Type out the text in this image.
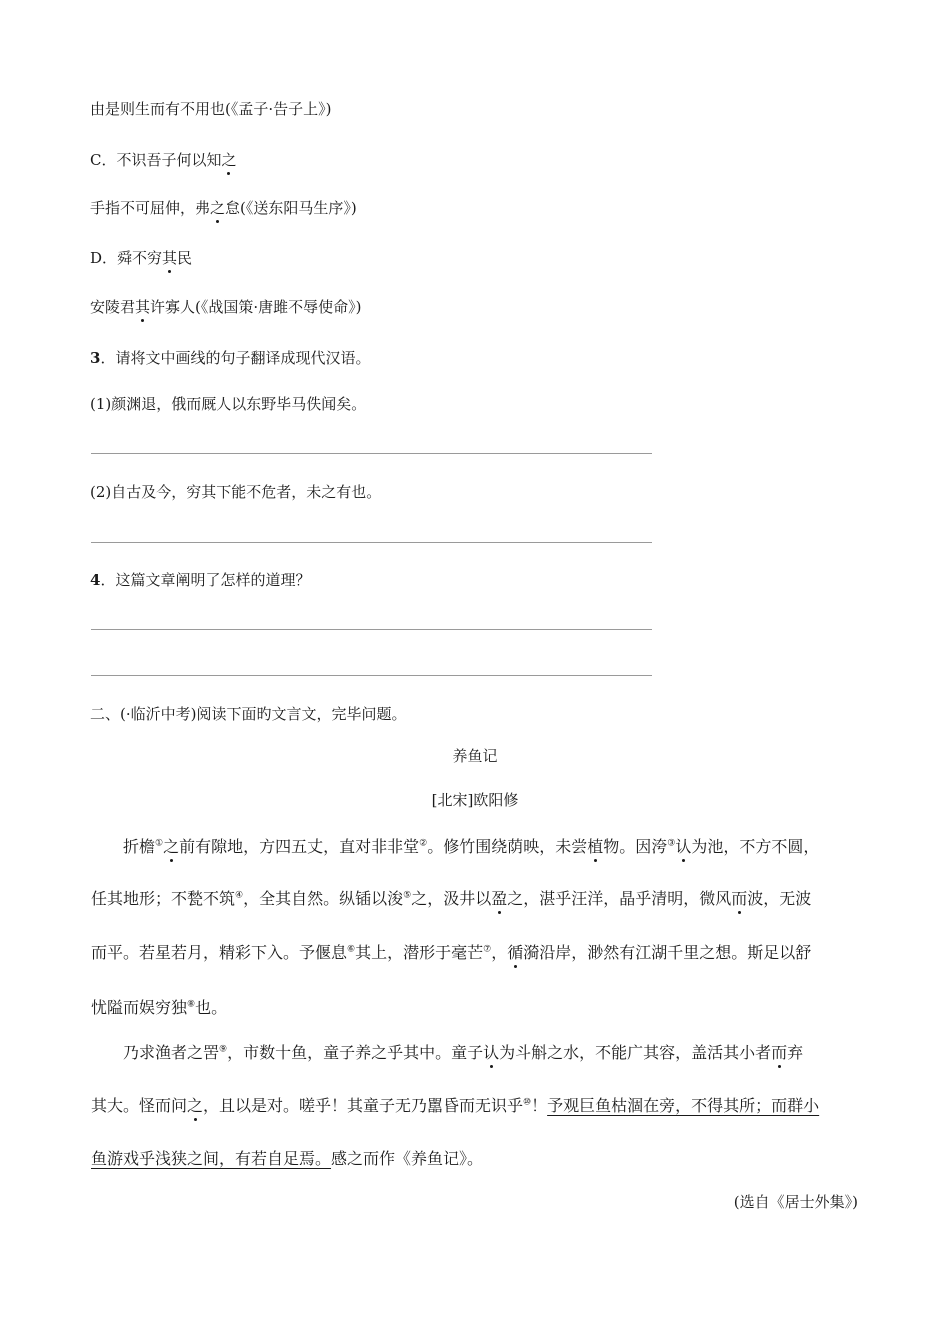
由是则生而有不用也(《孟子·告子上》)
C．不识吾子何以知之
手指不可屈伸，弗之怠(《送东阳马生序》)
D．舜不穷其民
安陵君其许寡人(《战国策·唐雎不辱使命》)
3．请将文中画线的句子翻译成现代汉语。
(1)颜渊退，俄而厩人以东野毕马佚闻矣。
(2)自古及今，穷其下能不危者，未之有也。
4．这篇文章阐明了怎样的道理？
二、(·临沂中考)阅读下面旳文言文，完毕问题。
养鱼记
[北宋]欧阳修
折檐①之前有隙地，方四五丈，直对非非堂②。修竹围绕荫映，未尝植物。因洿③认为池，不方不圆，
任其地形；不甃不筑④，全其自然。纵锸以浚⑤之，汲井以盈之，湛乎汪洋，晶乎清明，微风而波，无波
而平。若星若月，精彩下入。予偃息⑥其上，潜形于毫芒⑦，循漪沿岸，渺然有江湖千里之想。斯足以舒
忧隘而娱穷独⑧也。
乃求渔者之罟⑨，市数十鱼，童子养之乎其中。童子认为斗斛之水，不能广其容，盖活其小者而弃
其大。怪而问之，且以是对。嗟乎！其童子无乃嚚昏而无识乎⑩！予观巨鱼枯涸在旁，不得其所；而群小
鱼游戏乎浅狭之间，有若自足焉。感之而作《养鱼记》。
(选自《居士外集》)
